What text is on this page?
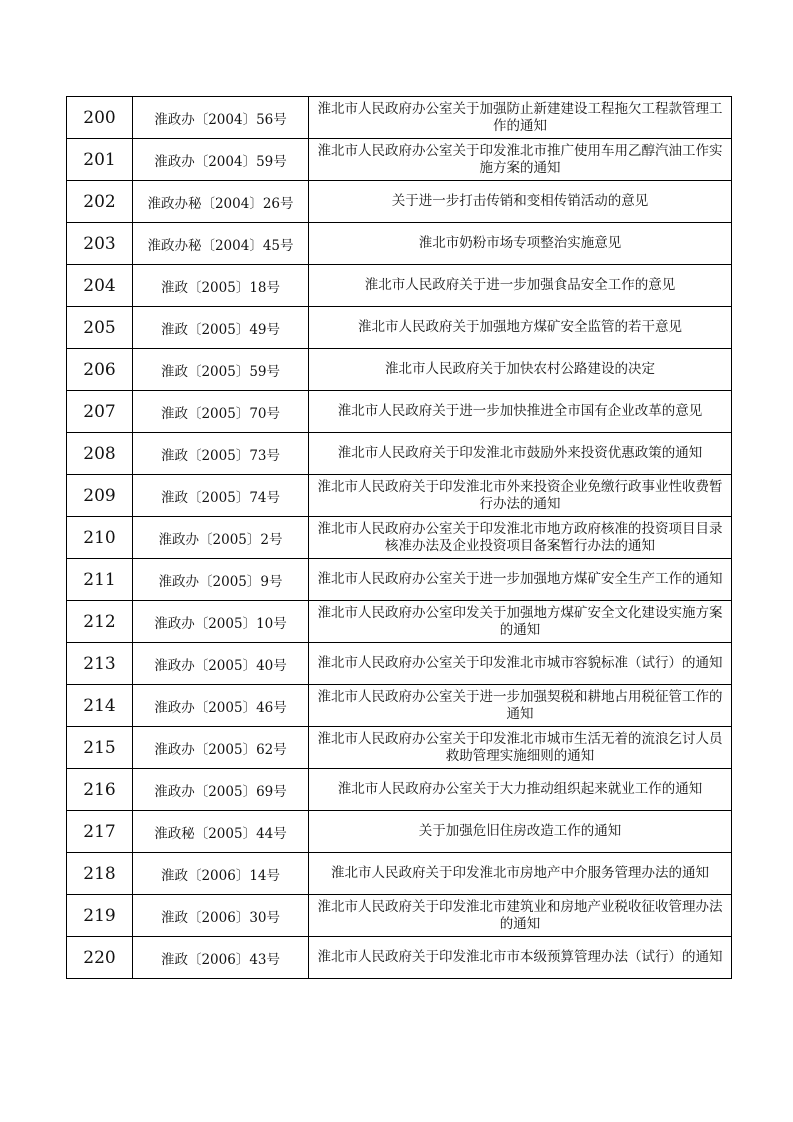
200	淮政办〔2004〕56号	淮北市人民政府办公室关于加强防止新建建设工程拖欠工程款管理工作的通知
201	淮政办〔2004〕59号	淮北市人民政府办公室关于印发淮北市推广使用车用乙醇汽油工作实施方案的通知
202	淮政办秘〔2004〕26号	关于进一步打击传销和变相传销活动的意见
203	淮政办秘〔2004〕45号	淮北市奶粉市场专项整治实施意见
204	淮政〔2005〕18号	淮北市人民政府关于进一步加强食品安全工作的意见
205	淮政〔2005〕49号	淮北市人民政府关于加强地方煤矿安全监管的若干意见
206	淮政〔2005〕59号	淮北市人民政府关于加快农村公路建设的决定
207	淮政〔2005〕70号	淮北市人民政府关于进一步加快推进全市国有企业改革的意见
208	淮政〔2005〕73号	淮北市人民政府关于印发淮北市鼓励外来投资优惠政策的通知
209	淮政〔2005〕74号	淮北市人民政府关于印发淮北市外来投资企业免缴行政事业性收费暂行办法的通知
210	淮政办〔2005〕2号	淮北市人民政府办公室关于印发淮北市地方政府核准的投资项目目录核准办法及企业投资项目备案暂行办法的通知
211	淮政办〔2005〕9号	淮北市人民政府办公室关于进一步加强地方煤矿安全生产工作的通知
212	淮政办〔2005〕10号	淮北市人民政府办公室印发关于加强地方煤矿安全文化建设实施方案的通知
213	淮政办〔2005〕40号	淮北市人民政府办公室关于印发淮北市城市容貌标准（试行）的通知
214	淮政办〔2005〕46号	淮北市人民政府办公室关于进一步加强契税和耕地占用税征管工作的通知
215	淮政办〔2005〕62号	淮北市人民政府办公室关于印发淮北市城市生活无着的流浪乞讨人员救助管理实施细则的通知
216	淮政办〔2005〕69号	淮北市人民政府办公室关于大力推动组织起来就业工作的通知
217	淮政秘〔2005〕44号	关于加强危旧住房改造工作的通知
218	淮政〔2006〕14号	淮北市人民政府关于印发淮北市房地产中介服务管理办法的通知
219	淮政〔2006〕30号	淮北市人民政府关于印发淮北市建筑业和房地产业税收征收管理办法的通知
220	淮政〔2006〕43号	淮北市人民政府关于印发淮北市市本级预算管理办法（试行）的通知
